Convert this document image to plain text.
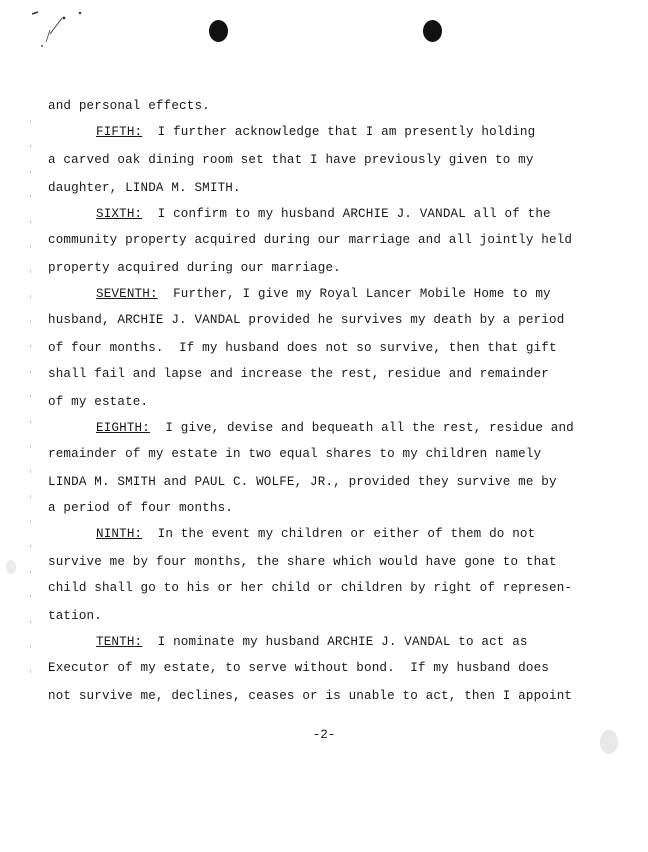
and personal effects.
FIFTH:  I further acknowledge that I am presently holding
a carved oak dining room set that I have previously given to my
daughter, LINDA M. SMITH.
SIXTH:  I confirm to my husband ARCHIE J. VANDAL all of the
community property acquired during our marriage and all jointly held
property acquired during our marriage.
SEVENTH:  Further, I give my Royal Lancer Mobile Home to my
husband, ARCHIE J. VANDAL provided he survives my death by a period
of four months.  If my husband does not so survive, then that gift
shall fail and lapse and increase the rest, residue and remainder
of my estate.
EIGHTH:  I give, devise and bequeath all the rest, residue and
remainder of my estate in two equal shares to my children namely
LINDA M. SMITH and PAUL C. WOLFE, JR., provided they survive me by
a period of four months.
NINTH:  In the event my children or either of them do not
survive me by four months, the share which would have gone to that
child shall go to his or her child or children by right of represen-
tation.
TENTH:  I nominate my husband ARCHIE J. VANDAL to act as
Executor of my estate, to serve without bond.  If my husband does
not survive me, declines, ceases or is unable to act, then I appoint
-2-
